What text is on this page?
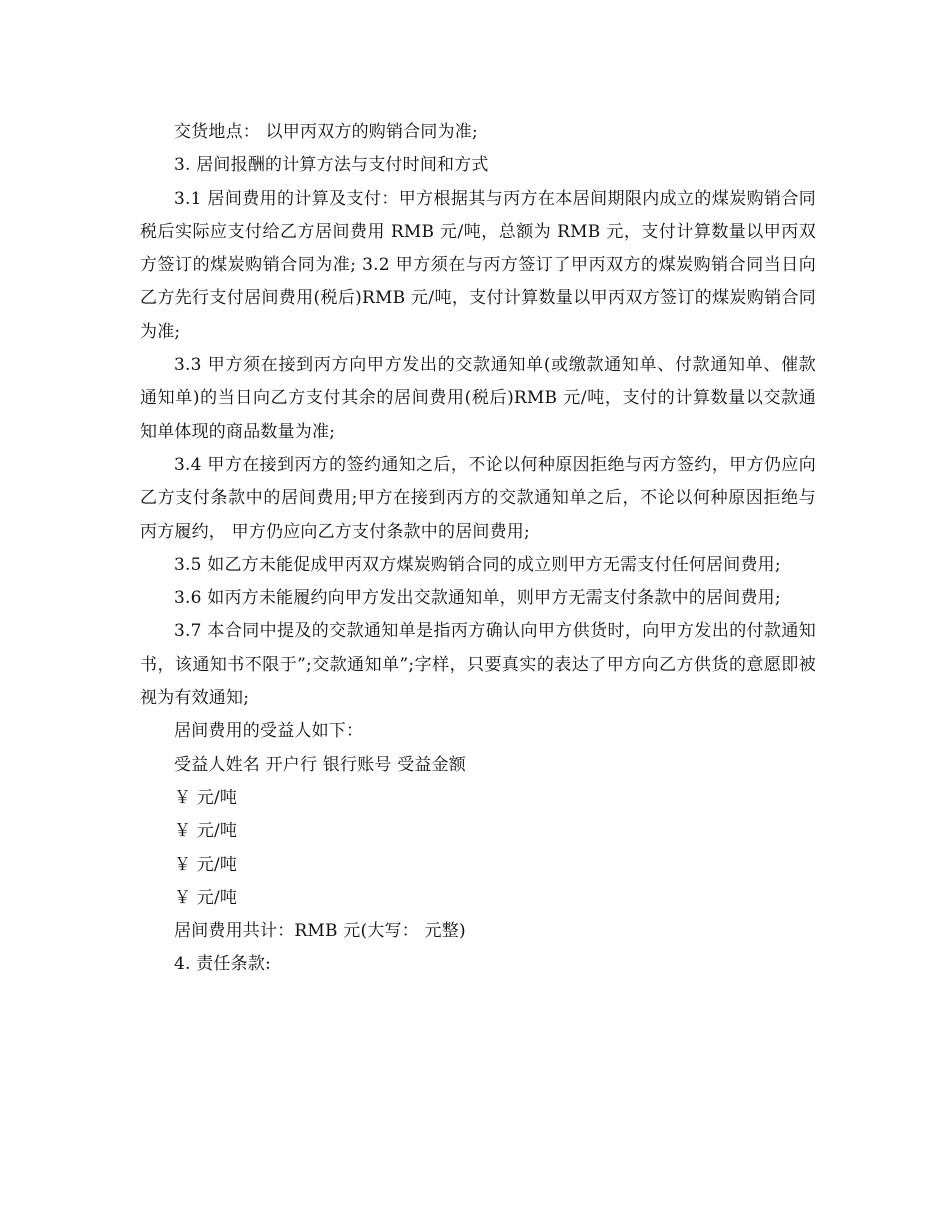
交货地点： 以甲丙双方的购销合同为准;

3. 居间报酬的计算方法与支付时间和方式

3.1 居间费用的计算及支付：甲方根据其与丙方在本居间期限内成立的煤炭购销合同税后实际应支付给乙方居间费用 RMB 元/吨，总额为 RMB 元，支付计算数量以甲丙双方签订的煤炭购销合同为准; 3.2 甲方须在与丙方签订了甲丙双方的煤炭购销合同当日向乙方先行支付居间费用(税后)RMB 元/吨，支付计算数量以甲丙双方签订的煤炭购销合同为准;

3.3 甲方须在接到丙方向甲方发出的交款通知单(或缴款通知单、付款通知单、催款通知单)的当日向乙方支付其余的居间费用(税后)RMB 元/吨，支付的计算数量以交款通知单体现的商品数量为准;

3.4 甲方在接到丙方的签约通知之后，不论以何种原因拒绝与丙方签约，甲方仍应向乙方支付条款中的居间费用;甲方在接到丙方的交款通知单之后，不论以何种原因拒绝与丙方履约， 甲方仍应向乙方支付条款中的居间费用;

3.5 如乙方未能促成甲丙双方煤炭购销合同的成立则甲方无需支付任何居间费用;

3.6 如丙方未能履约向甲方发出交款通知单，则甲方无需支付条款中的居间费用;

3.7 本合同中提及的交款通知单是指丙方确认向甲方供货时，向甲方发出的付款通知书，该通知书不限于”;交款通知单”;字样，只要真实的表达了甲方向乙方供货的意愿即被视为有效通知;

居间费用的受益人如下：

受益人姓名 开户行 银行账号 受益金额

￥ 元/吨

￥ 元/吨

￥ 元/吨

￥ 元/吨

居间费用共计：RMB 元(大写： 元整)

4. 责任条款:
